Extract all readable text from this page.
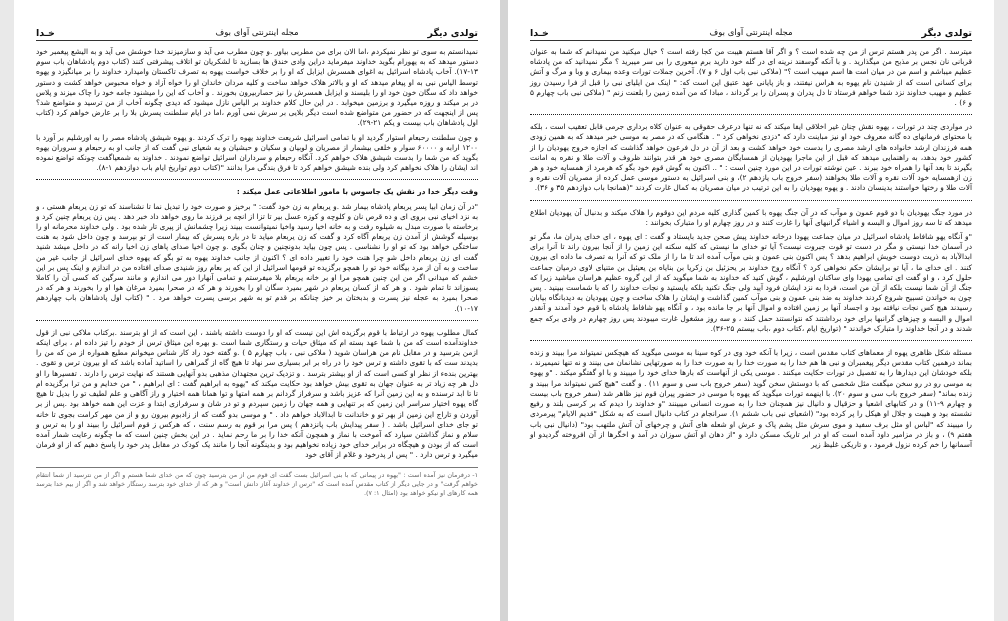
تولدی دیگر
مجله اینترنتی آوای بوف
خـدا

نمیدانستم به سوی تو نظر نمیکردم ،اما الان برای من مطربی بیاور .و چون مطرب می آید و سازمیزند خدا خوشش می آید و به الیشع پیغمبر خود دستور میدهد که به یهورام بگوید خداوند میفرماید دراین وادی خندق ها بسازید تا لشکریان تو اتلاف پیشرفتی کنند (کتاب دوم پادشاهان باب سوم ۱۳-۱۷). آخاب پادشاه اسرائیل به اغوای همسرش ایزابل که او را بر خلاف خواست یهوه به تصرف تاکستان وامیدارد خداوند را بر میانگیزد و یهوه توسط الیاس نبی به او پیغام میدهد که او و بالاتر هلاک خواهد ساخت و کلیه مردان خاندان او را خواه آزاد و خواه محبوس خواهد کشت و دستور خواهد داد که سگان خون خود او را بلیسند و ایزابل همسرش را نیز حصاربیرون بخورند . و آخاب که این را میشنود جامه خود را چاک میزند و پلاس در بر میکند و روزه میگیرد و برزمین میخوابد . در این حال کلام خداوند بر الیاس نازل میشود که دیدی چگونه آخاب از من ترسید و متواضع شد؟ پس از اینجهت که در حضور من متواضع شده است دیگر بلایی بر سرش نمی آورم ،اما در ایام سلطنت پسرش بلا را بر عارض خواهم کرد (کتاب اول پادشاهان باب بیست و یکم ۲۱-۲۹).

و چون سلطنت رحبعام استوار گردید او با تمامی اسرائیل شریعت خداوند یهوه را ترک کردند .و یهوه شیشق پادشاه مصر را به اورشلیم بر آورد با ۱۲۰۰ ارابه و ۶۰۰۰۰ سوار و خلقی بیشمار از مصریان و لوبیان و سکیان و حبشیان و به شعیای نبی گفت که از جانب او به رحبعام و سروران یهوه بگوید که من شما را بدست شیشق هلاک خواهم کرد. آنگاه رحبعام و سرداران اسرائیل تواضع نمودند . خداوند به شمعیاگفت چونکه تواضع نموده اند ایشان را هلاک نخواهم کرد ولی بنده شیشق خواهم کرد تا فرق بندگی مرا بدانند "(کتاب دوم تواریخ ایام باب دوازدهم ۱-۸).

وقت دیگر خدا در نقش یک جاسوس با مامور اطلاعاتی عمل میکند :

"در آن زمان ابیا پسر یربعام پادشاه بیمار شد .و یربعام به زن خود گفت: " برخیز و صورت خود را تبدیل نما تا نشناسند که تو زن یربعام هستی ، و به نزد اخیای نبی بروی ای و ده قرص نان و کلوچه و کوزه عسل بیر تا تزا از انچه بر فرزند ما روی خواهد داد خبر دهد . پس زن یربعام چنین کرد و برخاسته با صورت مبدل به شیلوه رفت و به خانه اخیا رسید واخیا نمیتوانست ببیند زیرا چشمانش از پیری تار شده بود . ولی خداوند محرمانه او را بوسیله گوشش از آمدن زن یربعام آگاه کرد و گفت که زن یربعام میاید تا در باره پسرش که بیمار است از تو بپرسد و چون داخل شود به هنت ساختگی خواهد بود که تو او را نشناسی . پس چون بیاید بدونچنین و چنان بگوی .و چون اخیا صدای پاهای زن اخیا رانه که در داخل میشد شنید گفت ای زن یربعام داخل شو چرا هنت خود را تغییر داده ای ؟ اکنون از جانب خداوند یهوه به تو بگو که یهوه خدای اسرائیل از جانب غیر من ساخت و به آن از مرد بیگانه خود تو را همچو برگزیده تو قومها اسرائیل از این که پر بعام روز شنیدی صدای افتاده من در اندازم و اینک پس بر این خشم که میدانی اگر من این چنین همچو مرا او بر خانه یربعام بلا میفرستم و تمامی آنهارا دور می اندازم و مانند سرگین که کسی آن را کاملا بسوزاند تا تمام شود . و هر که از کسان یربعام در شهر بمیرد سگان او را بخورند و هر که در صحرا بمیرد مرغان هوا او را بخورند و هر که در صحرا بمیرد به عجله نیز پسرت و بدبختان بر خیز چنانکه بر قدم تو به شهر برسی پسرت خواهد مرد . " (کتاب اول پادشاهان باب چهاردهم ۱۷-۱۰).

کمال مطلوب یهوه در ارتباط با قوم برگزیده اش این نیست که او را دوست داشته باشند ، این است که از او بترسند .برکتاب ملاکی نبی از قول خداوندآمده است که من با شما عهد بسته ام که میثاق حیات و رستگاری شما است .و بهره این میثاق ترس از خودم را تیز داده ام ، برای اینکه ازمن بترسید و در مقابل نام من هراسان شوید ( ملاکی نبی ، باب چهارم ۵ ) .و گفته خود راد کار شناس میخوانم مطیع همواره از من که من را بدیدند ست که با تقوی داشته و ترس خود را در راه بر ابر بسیاری سر نهاد تا هیچ گاه از گمراهی را اساتید آماده باشد که او بیرون ترس و تقوی . بهترین بندهء از نظر او کسی است که از او بیشتر بترسد . و تزدیک ترین مجتهدان مذهبی بدو آنهایی هستند که نهایت ترس را دارند . تفسیرها را او دل هر چه زیاد تر به عنوان جهان به تقوی بیش خواهد بود حکایت میکند که "یهوه به ابراهیم گفت : ای ابراهیم ، " من خدایم و من ترا برگزیده ام تا تا ابد ترسنده و به این زمین آنرا که عزیز باشد و سرفراز گردانم بر همه امتها و توا همانا همه اختیار و راز آگاهی و علم لطیف تو را بدیل تا هیچ گاه یهوه اختیار سراسر این زمین که بر تنهایی و همه جهان را زمین سپردم و تو در شان و سرفرازی ابتدا و عزت این همه خواهد بود .پس از بر آوردن و تاراج این زمین از بهر تو و خاندانت تا ابدالاباد خواهم داد . " و موسی بدو گفت که از زادبوم بیرون رو و از من مهر کرامت بجوی تا خانه تو جای خدای اسرائیل باشد . ( سفر پیدایش باب پانزدهم ) پس مرا بر قوم به رسم سنت ، که هرکس ز قوم اسرائیل را ببیند او را به ترس و سلام و نماز گذاشتن سپارد که آموخت با نماز و همچون آنکه خدا را بر ما رحم نماید . در این بخش چنین است که ما چگونه رعایت شمار آمده است که از بودن و هیچگاه در برابر خدای خود زیاده نخواهیم بود و بدینگونه آنجا را مانند یک کودک در مقابل پدر خود را پاسخ دهیم که از او فرمان میگیرد و ترس دارد . " پس ار پدرخود و غلام از آقای خود

۱- درفرمان نیز آمده است : "یهوه در پیمانی که با بنی اسرائیل بست گفت ای قوم من از من بترسید چون که من خدای شما هستم و اگر از من نترسید از شما انتقام خواهم گرفت" و در جایی دیگر از کتاب مقدس آمده است که "ترس از خداوند آغاز دانش است" و هر که از خدای خود بترسد رستگار خواهد شد و اگر از بیم خدا بترسد همه کارهای او نیکو خواهد بود (امثال ۱: ۷).
تولدی دیگر
مجله اینترنتی آوای بوف
خـدا

میترسد . اگر من پدر هستم ترس از من چه شده است ؟ و اگر آقا هستم هیبت من کجا رفته است ؟ خیال میکنید من نمیدانم که شما به عنوان قربانی نان نجس بر مذبح من میگذارید . و با آنکه گوسفند نرینه ای در گله خود دارید برم میعوری را بی سر میبرید ؟ مگر نمیدانید که من پادشاه عظیم میباشم و اسم من در میان امت ها اسم مهیب است ؟" (ملاکی نبی باب اول ۶ و ۷). آخرین جملات تورات وعده بیماری و وبا و مرگ و آتش برای کسانی است که از شنیدن نام یهوه به هراس نیفتند، و باز پایانی عهد عتیق این است که: " اینک من ایلیای نبی را قبل از فرا رسیدن روز عظیم و مهیب خداوند نزد شما خواهم فرستاد تا دل پدران و پسران را بر گرداند ، مبادا که من آمده زمین را بلعنت زنم " (ملاکی نبی باب چهارم ۵ و ۶) .

در مواردی چند در تورات ، یهوه نقش چنان غیر اخلاقی ایفا میکند که نه تنها درعرف حقوقی به عنوان کلاه برداری جرمی قابل تعقیب است ، بلکه با محتوای فرمانهای ده گانه معروف خود او نیز مباینت دارد که "دزدی نخواهی کرد " . هنگامی که در مصر به موسی خبر میدهد که به همین زودی همه فرزندان ارشد خانواده های ارشد مصری را بدست خود خواهد کشت و بعد از آن در دل فرعون خواهد گذاشت که اجازه خروج یهودیان را از کشور خود بدهد، به راهنمایی میدهد که قبل از این ماجرا یهودیان از همسایگان مصری خود هر قدر بتوانند ظروف و آلات طلا و نقره به امانت بگیرند تا بعد آنها را همراه خود ببرند . عین نوشته تورات در این مورد چنین است : " .. اکنون به گوش قوم خود بگو که هرمرد از همسایه خود و هر زن ازهمسایه خود آلات نقره و آلات طلا بخواهند (سفر خروج باب یازدهم ۲)، و بنی اسرائیل به دستور موسی عمل کرده از مصریان آلات نقره و آلات طلا و رختها خواستند بدینسان دادند . و یهوه یهودیان را به این ترتیب در میان مصریان به کمال غارت کردند "(همانجا باب دوازدهم ۳۵ و ۳۶).

در مورد جنگ یهودیان با دو قوم عمون و موآب که در آن جنگ یهوه با کمین گذاری کلیه مردم این دوقوم را هلاک میکند و بدنبال آن یهودیان اطلاع میدهد که تا سه روز اموال و البسه و اشیاء گرانبهای آنها را غارت کنند و در روز چهارم او را متبارک بخوانند :

"و آنگاه یهو شافاط پادشاه اسرائیل در میان جماعت یهودا درخانه خداوند پیش صحن جدید بایستاد و گفت : ای یهوه ، ای خدای پدران ما، مگر تو در آسمان خدا نیستی و مگر در دست تو قوت جبروت نیست؟ آیا تو خدای ما نیستی که کلیه سکنه این زمین را از آنجا بیرون راند تا آنرا برای ابدالآباد به ذریت دوست خویش ابراهیم بدهد ؟ پس اکنون بنی عمون و بنی موآب آمده اند تا ما را از ملک تو که آنرا به تصرف ما داده ای بیرون کنند . ای خدای ما ، آیا تو برایشان حکم نخواهی کرد ؟ آنگاه روح خداوند بر یحزئیل بن زکریا بن بنایاه بن یعیئیل بن متنیای لاوی درمیان جماعت حلول کرد ، و او گفت ای تمامی یهودا وای ساکنان اورشلیم ، گوش کنید که خداوند به شما میگوید که از این گروه عظیم هراسان مباشید زیرا که جنگ از آن شما نیست بلکه از آن من است، فردا به نزد ایشان فرود آیید ولی جنگ نکنید بلکه بایستید و نجات خداوند را که با شماست ببینید . پس چون به خواندن تسبیح شروع کردند خداوند به ضد بنی عمون و بنی موآب کمین گذاشت و ایشان را هلاک ساخت و چون یهودیان به دیدبانگاه بیابان رسیدند هیچ کس نجات نیافته بود و اجساد آنها بر زمین افتاده و اموال آنها بر جا مانده بود ، و آنگاه یهو شافاط پادشاه با قوم خود آمدند و آنقدر اموال و البسه و چیزهای گرانبها برای خود برداشتند که نتوانستند حمل کنند ، و سه روز مشغول غارت میبودند پس روز چهارم در وادی برکه جمع شدند و در آنجا خداوند را متبارک خواندند " (تواریخ ایام ،کتاب دوم ،باب بیستم ۲۵-۳۶).

مسئله شکل ظاهری یهوه از معماهای کتاب مقدس است ، زیرا با آنکه خود وی در کوه سینا به موسی میگوید که هیچکس نمیتواند مرا ببیند و زنده بماند درهمین کتاب مقدس دیگر پیغمبران و نبی ها هم خدا را به صورت خدا را به صورت خدا را به صورتهایی نشانمان می بینند و نه تنها نمیمیرند ، بلکه خودشان این دیدارها را به تفصیل در تورات حکایت میکنند . موسی یکی از آنهاست که بارها خدای خود را میبیند و با او گفتگو میکند . "و یهوه به موسی رو در رو سخن میگفت مثل شخصی که با دوستش سخن گوید (سفر خروج باب سی و سوم ۱۱) . و گفت "هیچ کس نمیتواند مرا ببیند و زنده بماند" (سفر خروج باب سی و سوم ۲۰). با اینهمه تورات میگوید که یهوه با موسی در حضور پیران قوم نیز ظاهر شد (سفر خروج باب بیست و چهارم ۹-۱۱) و در کتابهای اشعیا و حزقیال و دانیال نیز همچنان خدا را به صورت انسانی میبینند "و خداوند را دیدم که بر کرسی بلند و رفیع نشسته بود و هیبت و جلال او هیکل را پر کرده بود" (اشعیای نبی باب ششم ۱). سرانجام در کتاب دانیال است که به شکل "قدیم الایام" پیرمردی را میبیند که "لباس او مثل برف سفید و موی سرش مثل پشم پاک و عرش او شعله های آتش و چرخهای آن آتش ملتهب بود" (دانیال نبی باب هفتم ۹) ، و باز در مزامیر داود آمده است که او در ابر تاریک مسکن دارد و "از دهان او آتش سوزان در آمد و اخگرها از آن افروخته گردیدو او آسمانها را خم کرده نزول فرمود ، و تاریکی غلیظ زیر
